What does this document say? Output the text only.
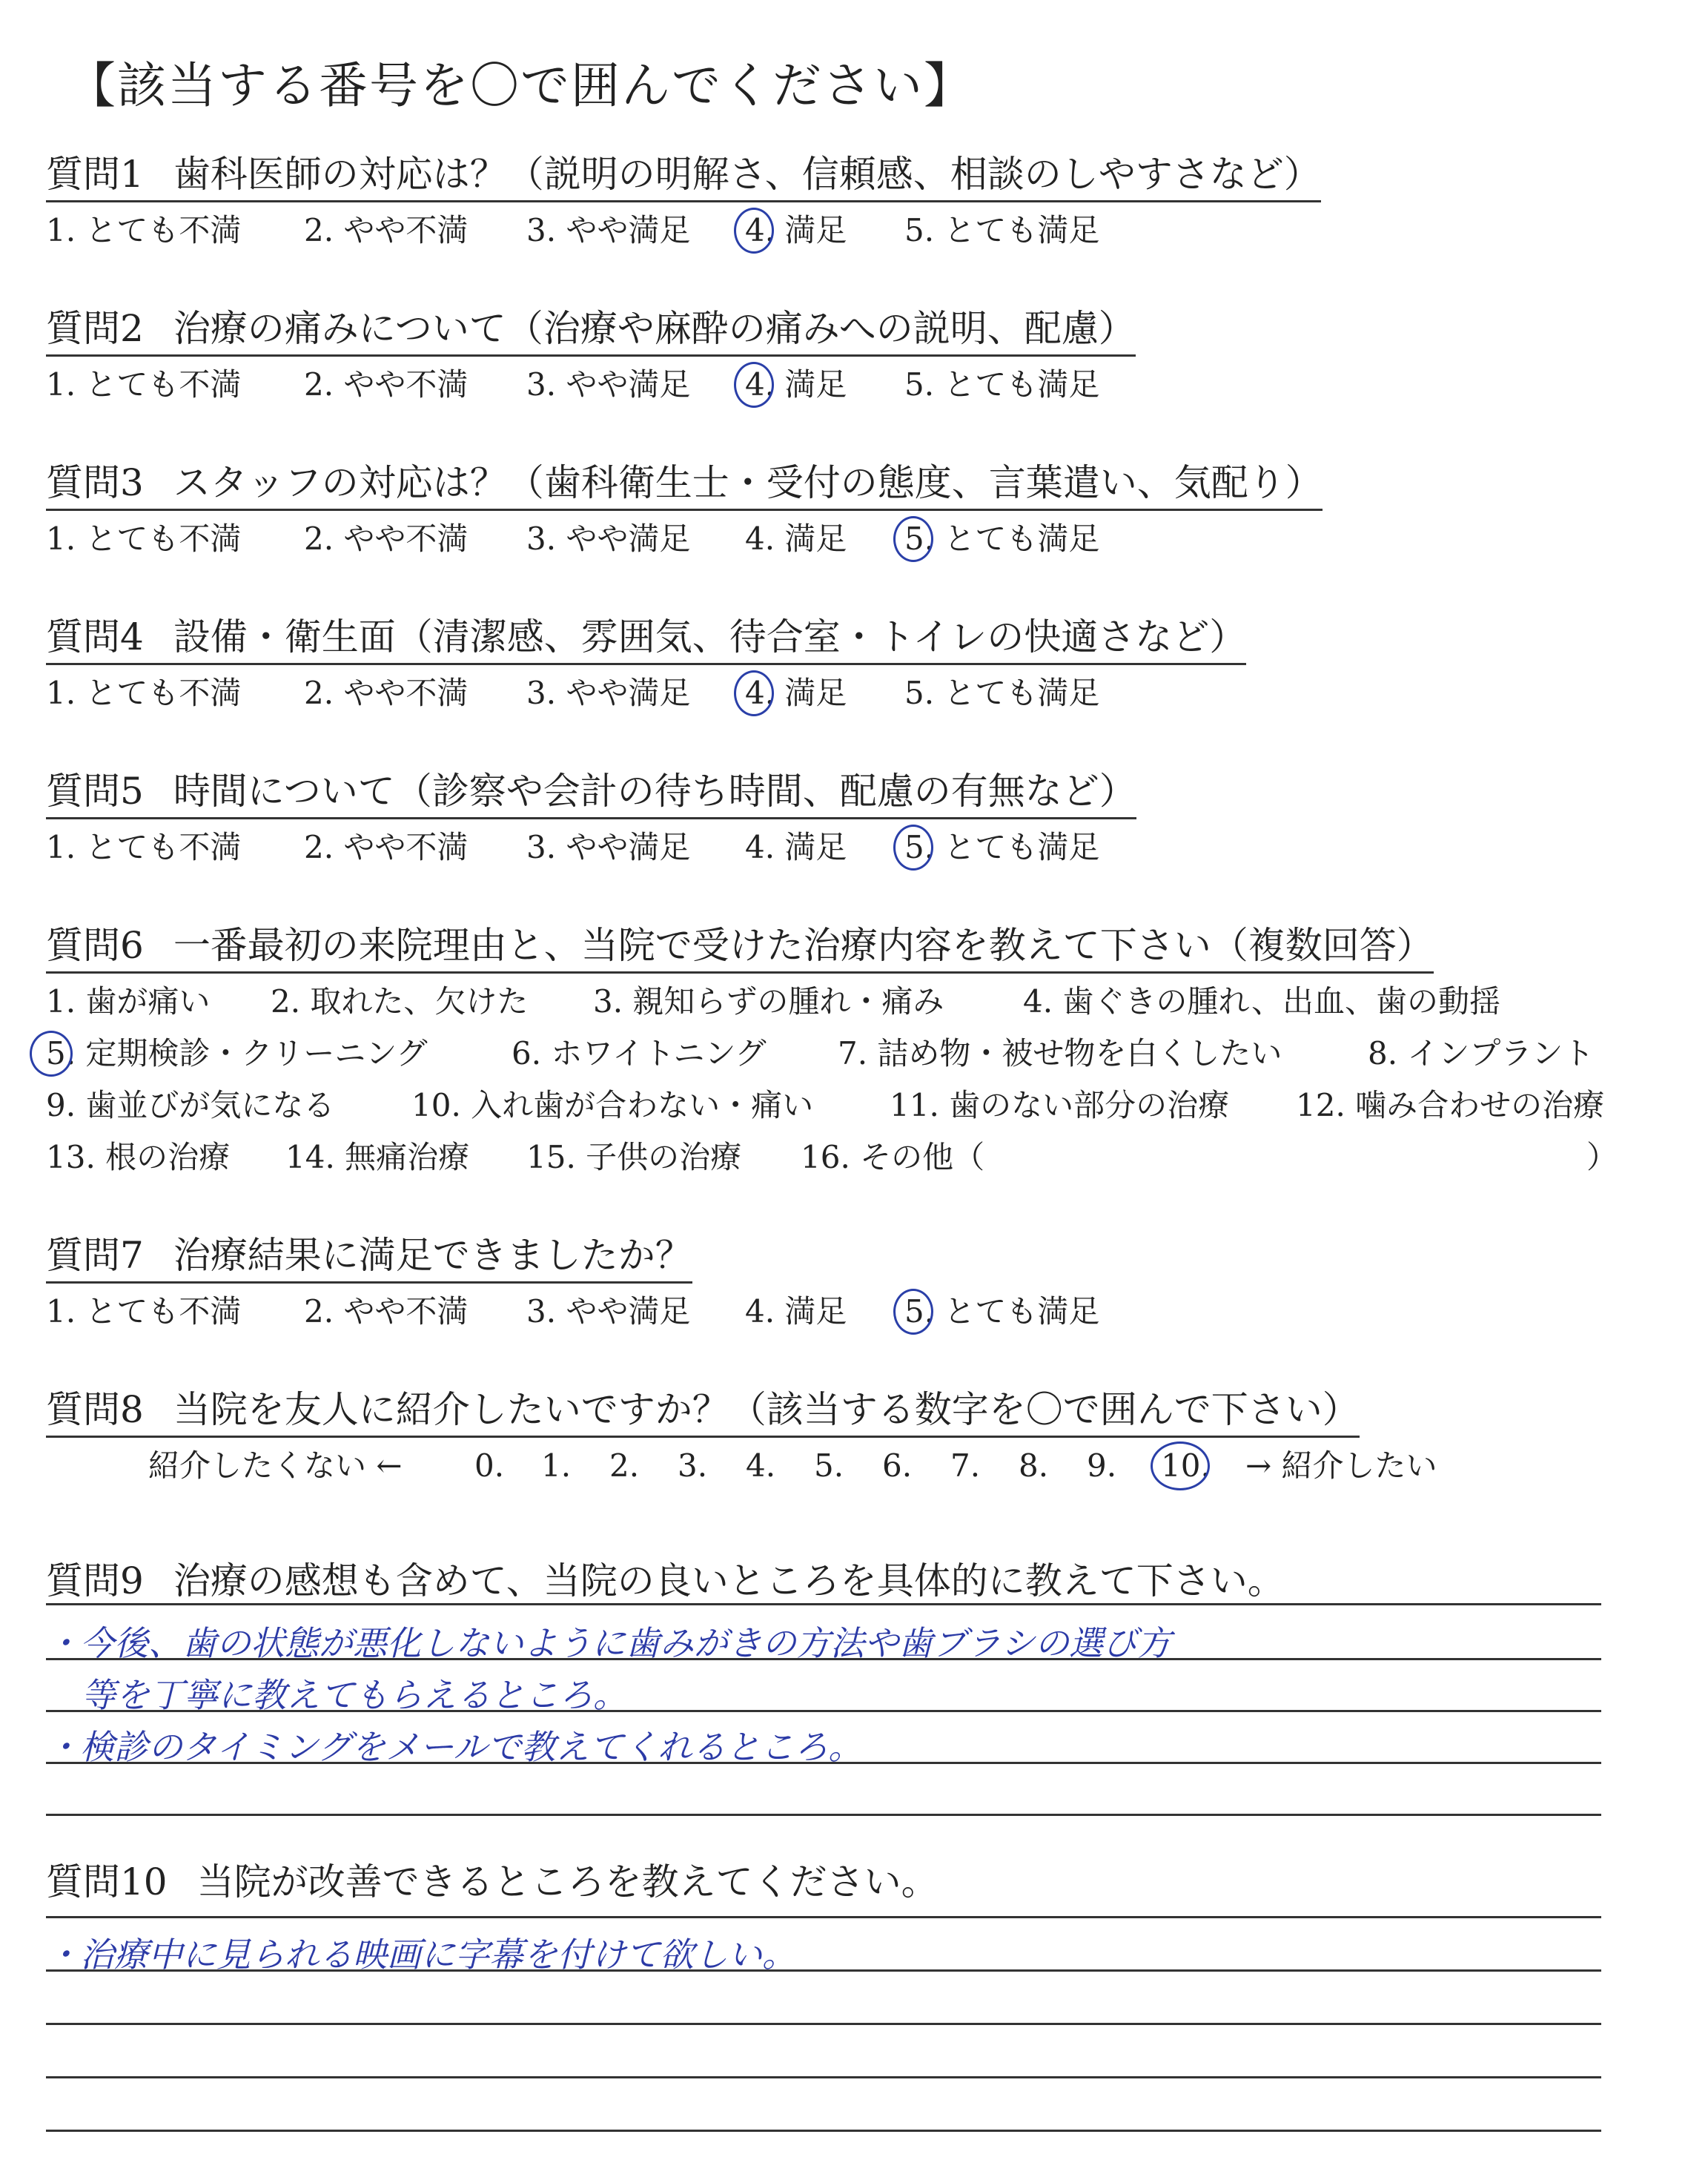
【該当する番号を〇で囲んでください】
質問1 歯科医師の対応は？（説明の明解さ、信頼感、相談のしやすさなど）
1. とても不満 2. やや不満 3. やや満足 4. 満足 5. とても満足
質問2 治療の痛みについて（治療や麻酔の痛みへの説明、配慮）
1. とても不満 2. やや不満 3. やや満足 4. 満足 5. とても満足
質問3 スタッフの対応は？（歯科衛生士・受付の態度、言葉遣い、気配り）
1. とても不満 2. やや不満 3. やや満足 4. 満足 5. とても満足
質問4 設備・衛生面（清潔感、雰囲気、待合室・トイレの快適さなど）
1. とても不満 2. やや不満 3. やや満足 4. 満足 5. とても満足
質問5 時間について（診察や会計の待ち時間、配慮の有無など）
1. とても不満 2. やや不満 3. やや満足 4. 満足 5. とても満足
質問6 一番最初の来院理由と、当院で受けた治療内容を教えて下さい（複数回答）
1. 歯が痛い 2. 取れた、欠けた 3. 親知らずの腫れ・痛み	4. 歯ぐきの腫れ、出血、歯の動揺
5. 定期検診・クリーニング	6. ホワイトニング 7. 詰め物・被せ物を白くしたい	8. インプラント
9. 歯並びが気になる 10. 入れ歯が合わない・痛い 11. 歯のない部分の治療 12. 噛み合わせの治療
13. 根の治療 14. 無痛治療 15. 子供の治療 16. その他（	）
質問7 治療結果に満足できましたか？
1. とても不満 2. やや不満 3. やや満足 4. 満足 5. とても満足
質問8 当院を友人に紹介したいですか？（該当する数字を〇で囲んで下さい）
紹介したくない ← 0. 1. 2. 3. 4. 5. 6. 7. 8. 9. 10. → 紹介したい
質問9 治療の感想も含めて、当院の良いところを具体的に教えて下さい。
・今後、歯の状態が悪化しないように歯みがきの方法や歯ブラシの選び方
等を丁寧に教えてもらえるところ。
・検診のタイミングをメールで教えてくれるところ。
質問10 当院が改善できるところを教えてください。
・治療中に見られる映画に字幕を付けて欲しい。
